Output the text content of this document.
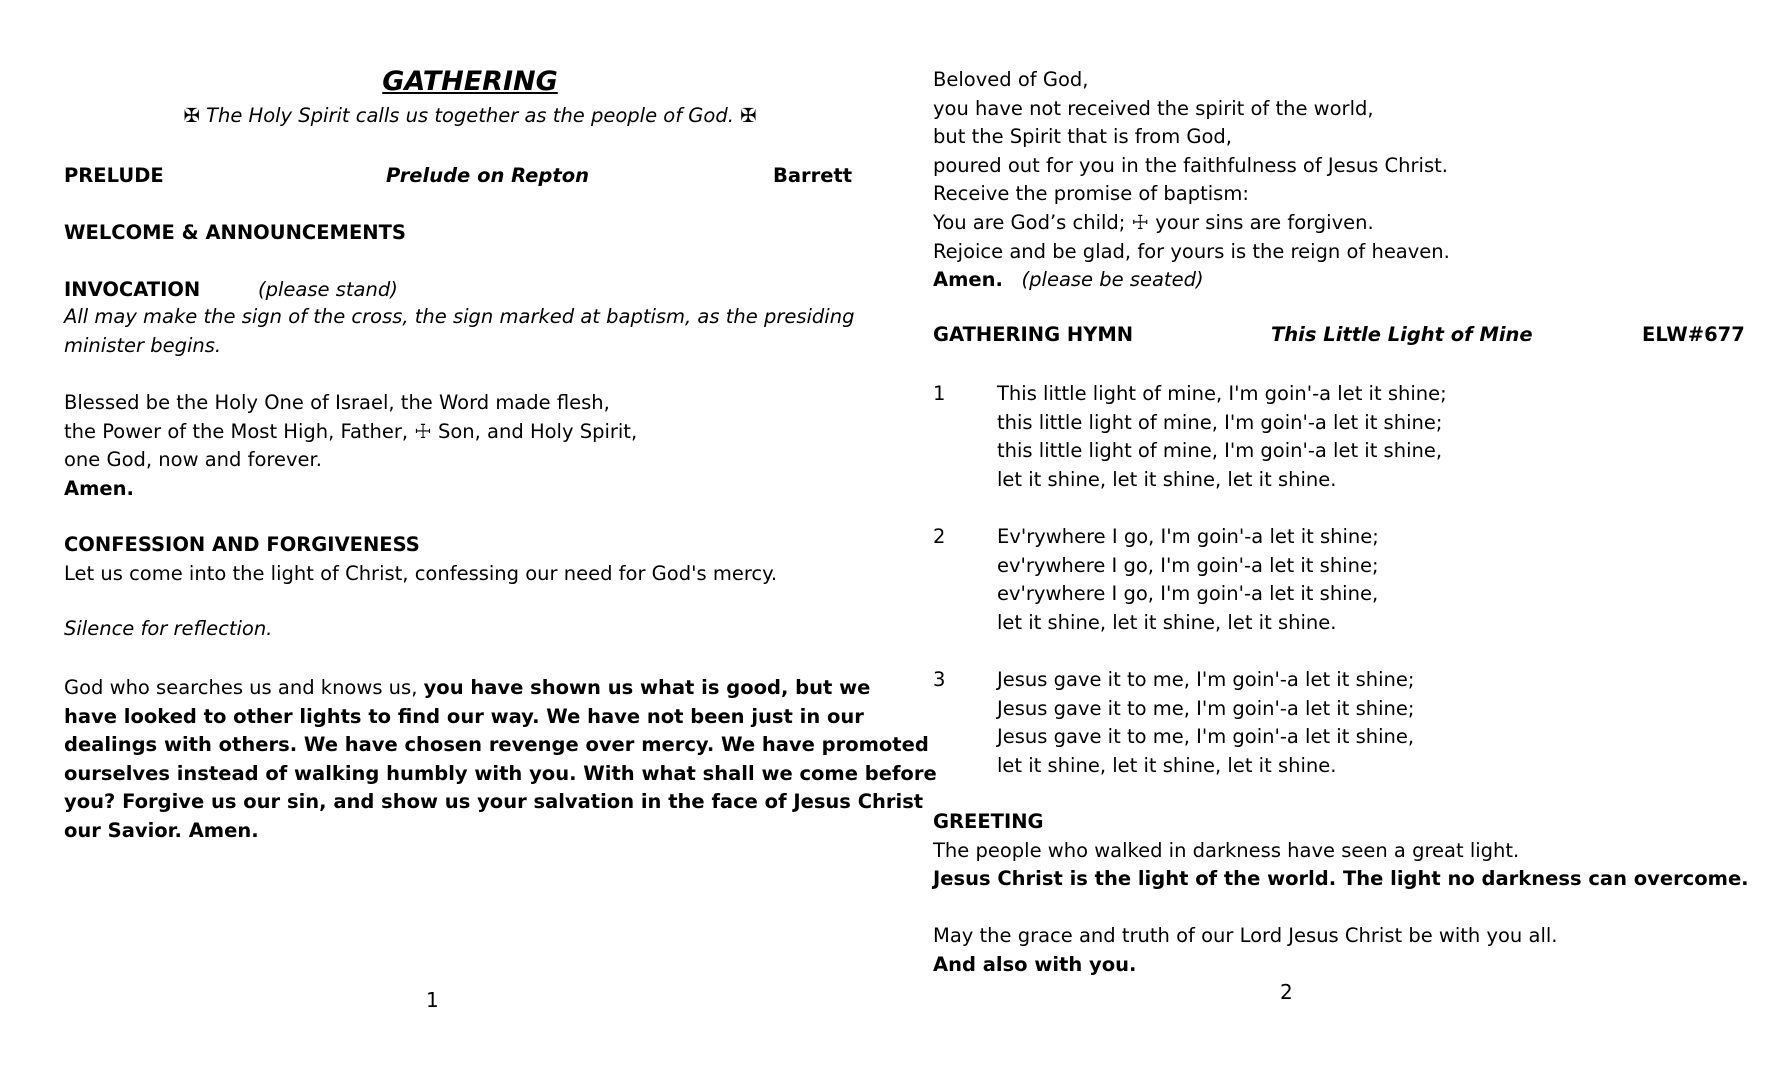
GATHERING
✠ The Holy Spirit calls us together as the people of God. ✠
PRELUDE	Prelude on Repton	Barrett
WELCOME & ANNOUNCEMENTS
INVOCATION	(please stand)
All may make the sign of the cross, the sign marked at baptism, as the presiding
minister begins.
Blessed be the Holy One of Israel, the Word made flesh,
the Power of the Most High, Father, ☩ Son, and Holy Spirit,
one God, now and forever.
Amen.
CONFESSION AND FORGIVENESS
Let us come into the light of Christ, confessing our need for God's mercy.
Silence for reflection.
God who searches us and knows us, you have shown us what is good, but we
have looked to other lights to find our way. We have not been just in our
dealings with others. We have chosen revenge over mercy. We have promoted
ourselves instead of walking humbly with you. With what shall we come before
you? Forgive us our sin, and show us your salvation in the face of Jesus Christ
our Savior. Amen.
1
Beloved of God,
you have not received the spirit of the world,
but the Spirit that is from God,
poured out for you in the faithfulness of Jesus Christ.
Receive the promise of baptism:
You are God’s child; ☩ your sins are forgiven.
Rejoice and be glad, for yours is the reign of heaven.
Amen. (please be seated)
GATHERING HYMN	This Little Light of Mine	ELW#677
1	This little light of mine, I'm goin'-a let it shine;
this little light of mine, I'm goin'-a let it shine;
this little light of mine, I'm goin'-a let it shine,
let it shine, let it shine, let it shine.
2	Ev'rywhere I go, I'm goin'-a let it shine;
ev'rywhere I go, I'm goin'-a let it shine;
ev'rywhere I go, I'm goin'-a let it shine,
let it shine, let it shine, let it shine.
3	Jesus gave it to me, I'm goin'-a let it shine;
Jesus gave it to me, I'm goin'-a let it shine;
Jesus gave it to me, I'm goin'-a let it shine,
let it shine, let it shine, let it shine.
GREETING
The people who walked in darkness have seen a great light.
Jesus Christ is the light of the world. The light no darkness can overcome.
May the grace and truth of our Lord Jesus Christ be with you all.
And also with you.
2
